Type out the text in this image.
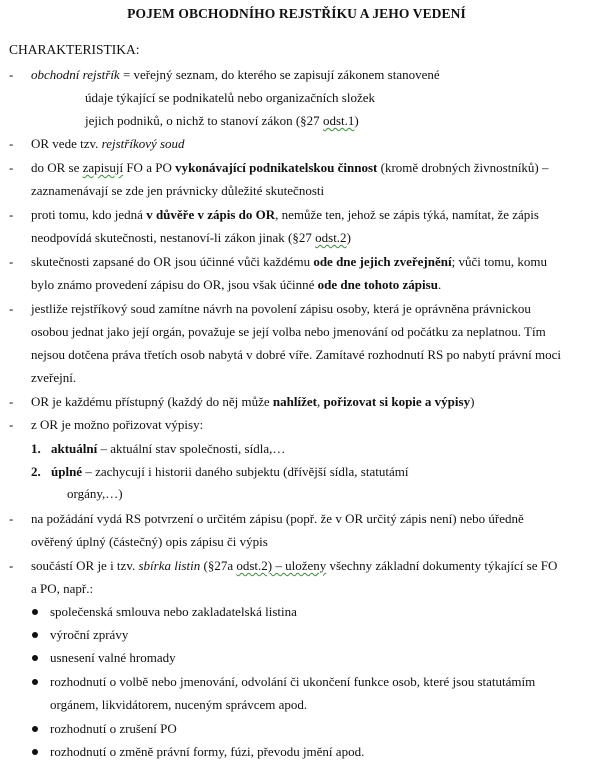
POJEM OBCHODNÍHO REJSTŘÍKU A JEHO VEDENÍ
CHARAKTERISTIKA:
- obchodní rejstřík = veřejný seznam, do kterého se zapisují zákonem stanovené
údaje týkající se podnikatelů nebo organizačních složek
jejich podniků, o nichž to stanoví zákon (§27 odst.1)
- OR vede tzv. rejstříkový soud
- do OR se zapisují FO a PO vykonávající podnikatelskou činnost (kromě drobných živnostníků) –
zaznamenávají se zde jen právnicky důležité skutečnosti
- proti tomu, kdo jedná v důvěře v zápis do OR, nemůže ten, jehož se zápis týká, namítat, že zápis
neodpovídá skutečnosti, nestanoví-li zákon jinak (§27 odst.2)
- skutečnosti zapsané do OR jsou účinné vůči každému ode dne jejich zveřejnění; vůči tomu, komu
bylo známo provedení zápisu do OR, jsou však účinné ode dne tohoto zápisu.
- jestliže rejstříkový soud zamítne návrh na povolení zápisu osoby, která je oprávněna právnickou
osobou jednat jako její orgán, považuje se její volba nebo jmenování od počátku za neplatnou. Tím
nejsou dotčena práva třetích osob nabytá v dobré víře. Zamítavé rozhodnutí RS po nabytí právní moci
zveřejní.
- OR je každému přístupný (každý do něj může nahlížet, pořizovat si kopie a výpisy)
- z OR je možno pořizovat výpisy:
1. aktuální – aktuální stav společnosti, sídla,…
2. úplné – zachycují i historii daného subjektu (dřívější sídla, statutámí
orgány,…)
- na požádání vydá RS potvrzení o určitém zápisu (popř. že v OR určitý zápis není) nebo úředně
ověřený úplný (částečný) opis zápisu či výpis
- součástí OR je i tzv. sbírka listin (§27a odst.2) – uloženy všechny základní dokumenty týkající se FO
a PO, např.:
společenská smlouva nebo zakladatelská listina
výroční zprávy
usnesení valné hromady
rozhodnutí o volbě nebo jmenování, odvolání či ukončení funkce osob, které jsou statutámím
orgánem, likvidátorem, nuceným správcem apod.
rozhodnutí o zrušení PO
rozhodnutí o změně právní formy, fúzi, převodu jmění apod.
